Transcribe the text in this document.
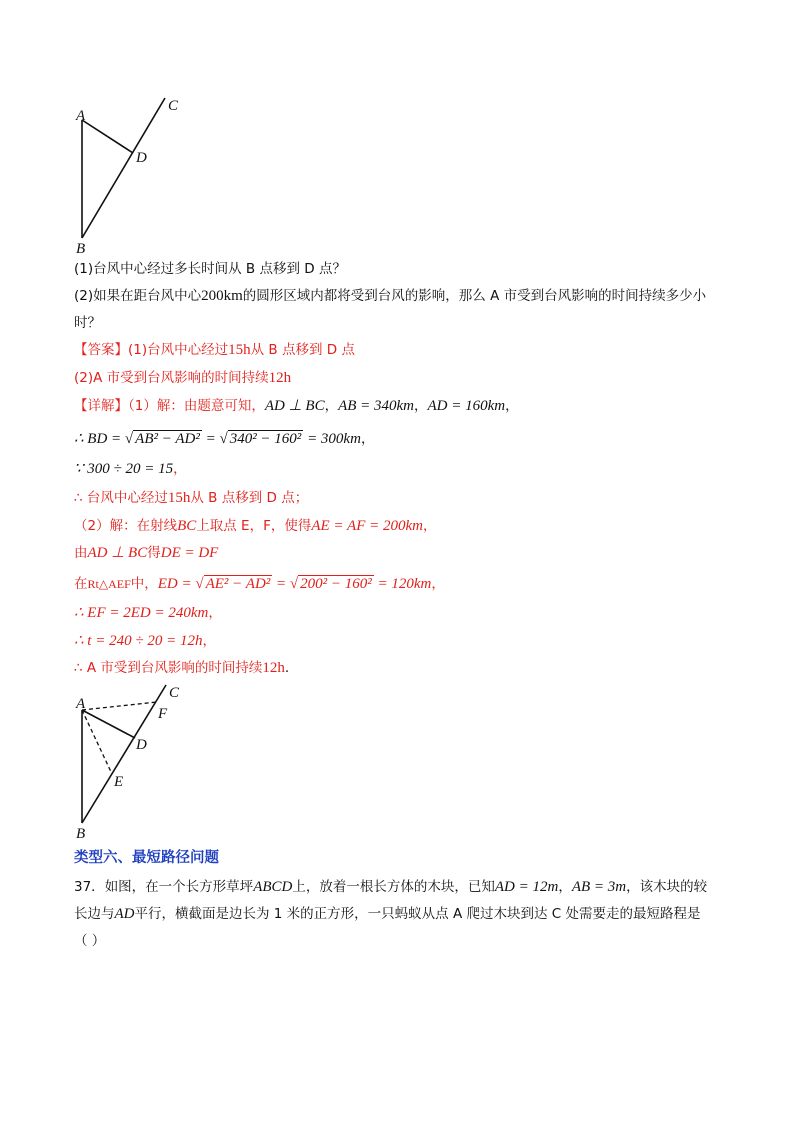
A
B
C
D
(1)台风中心经过多长时间从 B 点移到 D 点？
(2)如果在距台风中心200km的圆形区域内都将受到台风的影响，那么 A 市受到台风影响的时间持续多少小
时？
【答案】(1)台风中心经过15h从 B 点移到 D 点
(2)A 市受到台风影响的时间持续12h
【详解】（1）解：由题意可知，AD ⊥ BC，AB = 340km，AD = 160km，
∴ BD = √ AB² − AD² = √ 340² − 160² = 300km，
∵ 300 ÷ 20 = 15，
∴ 台风中心经过15h从 B 点移到 D 点；
（2）解：在射线BC上取点 E，F，使得AE = AF = 200km，
由AD ⊥ BC得DE = DF
在Rt△AEF中，ED = √ AE² − AD² = √ 200² − 160² = 120km，
∴ EF = 2ED = 240km，
∴ t = 240 ÷ 20 = 12h，
∴ A 市受到台风影响的时间持续12h.
A
B
C
D
E
F
类型六、最短路径问题
37．如图，在一个长方形草坪ABCD上，放着一根长方体的木块，已知AD = 12m，AB = 3m，该木块的较
长边与AD平行，横截面是边长为 1 米的正方形，一只蚂蚁从点 A 爬过木块到达 C 处需要走的最短路程是
（ ）
